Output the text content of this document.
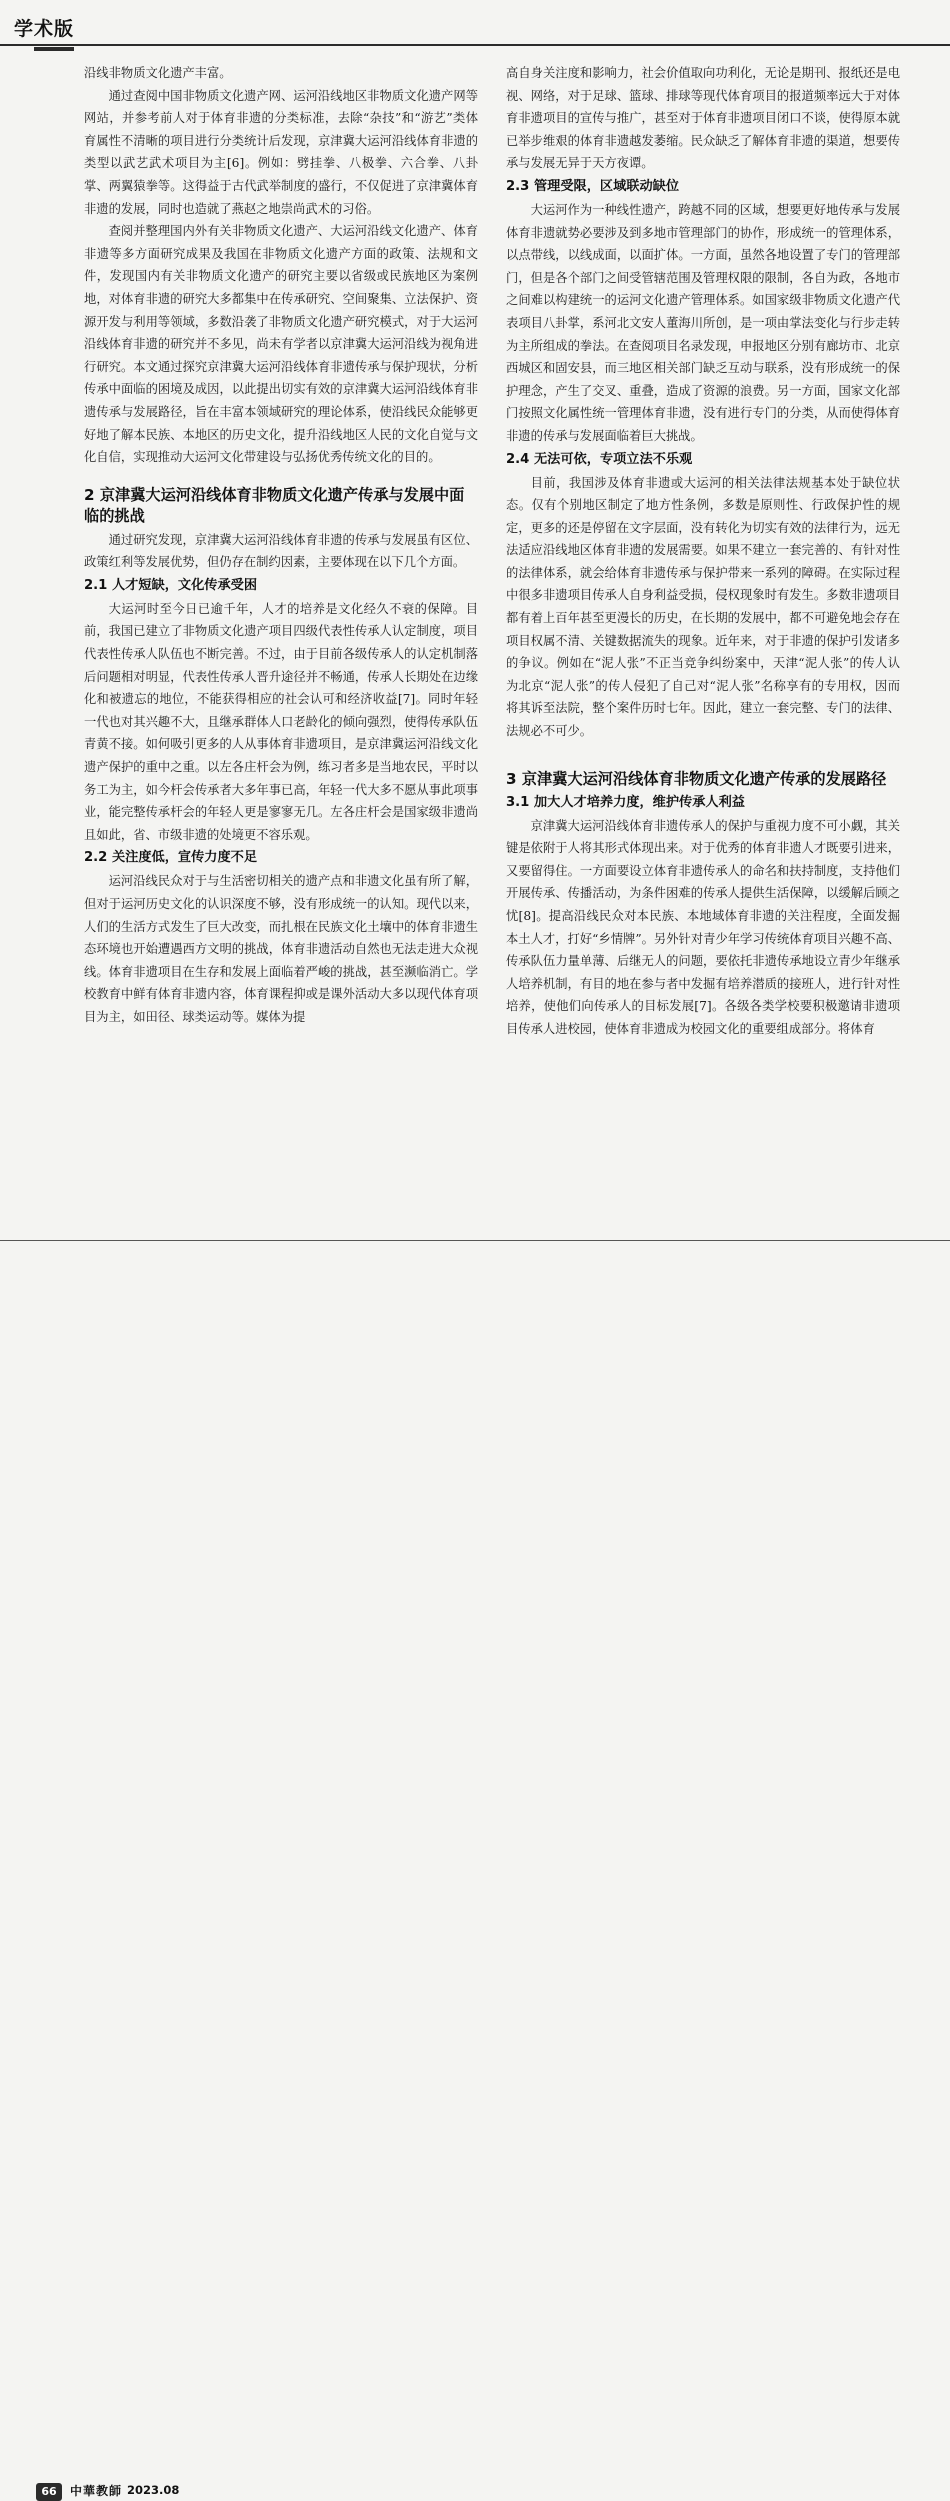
学术版

沿线非物质文化遗产丰富。

通过查阅中国非物质文化遗产网、运河沿线地区非物质文化遗产网等网站，并参考前人对于体育非遗的分类标准，去除“杂技”和“游艺”类体育属性不清晰的项目进行分类统计后发现，京津冀大运河沿线体育非遗的类型以武艺武术项目为主[6]。例如：劈挂拳、八极拳、六合拳、八卦掌、两翼猿拳等。这得益于古代武举制度的盛行，不仅促进了京津冀体育非遗的发展，同时也造就了燕赵之地崇尚武术的习俗。

查阅并整理国内外有关非物质文化遗产、大运河沿线文化遗产、体育非遗等多方面研究成果及我国在非物质文化遗产方面的政策、法规和文件，发现国内有关非物质文化遗产的研究主要以省级或民族地区为案例地，对体育非遗的研究大多都集中在传承研究、空间聚集、立法保护、资源开发与利用等领域，多数沿袭了非物质文化遗产研究模式，对于大运河沿线体育非遗的研究并不多见，尚未有学者以京津冀大运河沿线为视角进行研究。本文通过探究京津冀大运河沿线体育非遗传承与保护现状，分析传承中面临的困境及成因，以此提出切实有效的京津冀大运河沿线体育非遗传承与发展路径，旨在丰富本领域研究的理论体系，使沿线民众能够更好地了解本民族、本地区的历史文化，提升沿线地区人民的文化自觉与文化自信，实现推动大运河文化带建设与弘扬优秀传统文化的目的。

2 京津冀大运河沿线体育非物质文化遗产传承与发展中面临的挑战

通过研究发现，京津冀大运河沿线体育非遗的传承与发展虽有区位、政策红利等发展优势，但仍存在制约因素，主要体现在以下几个方面。

2.1 人才短缺，文化传承受困

大运河时至今日已逾千年，人才的培养是文化经久不衰的保障。目前，我国已建立了非物质文化遗产项目四级代表性传承人认定制度，项目代表性传承人队伍也不断完善。不过，由于目前各级传承人的认定机制落后问题相对明显，代表性传承人晋升途径并不畅通，传承人长期处在边缘化和被遗忘的地位，不能获得相应的社会认可和经济收益[7]。同时年轻一代也对其兴趣不大，且继承群体人口老龄化的倾向强烈，使得传承队伍青黄不接。如何吸引更多的人从事体育非遗项目，是京津冀运河沿线文化遗产保护的重中之重。以左各庄杆会为例，练习者多是当地农民，平时以务工为主，如今杆会传承者大多年事已高，年轻一代大多不愿从事此项事业，能完整传承杆会的年轻人更是寥寥无几。左各庄杆会是国家级非遗尚且如此，省、市级非遗的处境更不容乐观。

2.2 关注度低，宣传力度不足

运河沿线民众对于与生活密切相关的遗产点和非遗文化虽有所了解，但对于运河历史文化的认识深度不够，没有形成统一的认知。现代以来，人们的生活方式发生了巨大改变，而扎根在民族文化土壤中的体育非遗生态环境也开始遭遇西方文明的挑战，体育非遗活动自然也无法走进大众视线。体育非遗项目在生存和发展上面临着严峻的挑战，甚至濒临消亡。学校教育中鲜有体育非遗内容，体育课程抑或是课外活动大多以现代体育项目为主，如田径、球类运动等。媒体为提

高自身关注度和影响力，社会价值取向功利化，无论是期刊、报纸还是电视、网络，对于足球、篮球、排球等现代体育项目的报道频率远大于对体育非遗项目的宣传与推广，甚至对于体育非遗项目闭口不谈，使得原本就已举步维艰的体育非遗越发萎缩。民众缺乏了解体育非遗的渠道，想要传承与发展无异于天方夜谭。

2.3 管理受限，区域联动缺位

大运河作为一种线性遗产，跨越不同的区域，想要更好地传承与发展体育非遗就势必要涉及到多地市管理部门的协作，形成统一的管理体系，以点带线，以线成面，以面扩体。一方面，虽然各地设置了专门的管理部门，但是各个部门之间受管辖范围及管理权限的限制，各自为政，各地市之间难以构建统一的运河文化遗产管理体系。如国家级非物质文化遗产代表项目八卦掌，系河北文安人董海川所创，是一项由掌法变化与行步走转为主所组成的拳法。在查阅项目名录发现，申报地区分别有廊坊市、北京西城区和固安县，而三地区相关部门缺乏互动与联系，没有形成统一的保护理念，产生了交叉、重叠，造成了资源的浪费。另一方面，国家文化部门按照文化属性统一管理体育非遗，没有进行专门的分类，从而使得体育非遗的传承与发展面临着巨大挑战。

2.4 无法可依，专项立法不乐观

目前，我国涉及体育非遗或大运河的相关法律法规基本处于缺位状态。仅有个别地区制定了地方性条例，多数是原则性、行政保护性的规定，更多的还是停留在文字层面，没有转化为切实有效的法律行为，远无法适应沿线地区体育非遗的发展需要。如果不建立一套完善的、有针对性的法律体系，就会给体育非遗传承与保护带来一系列的障碍。在实际过程中很多非遗项目传承人自身利益受损，侵权现象时有发生。多数非遗项目都有着上百年甚至更漫长的历史，在长期的发展中，都不可避免地会存在项目权属不清、关键数据流失的现象。近年来，对于非遗的保护引发诸多的争议。例如在“泥人张”不正当竞争纠纷案中，天津“泥人张”的传人认为北京“泥人张”的传人侵犯了自己对“泥人张”名称享有的专用权，因而将其诉至法院，整个案件历时七年。因此，建立一套完整、专门的法律、法规必不可少。

3 京津冀大运河沿线体育非物质文化遗产传承的发展路径
3.1 加大人才培养力度，维护传承人利益

京津冀大运河沿线体育非遗传承人的保护与重视力度不可小觑，其关键是依附于人将其形式体现出来。对于优秀的体育非遗人才既要引进来，又要留得住。一方面要设立体育非遗传承人的命名和扶持制度，支持他们开展传承、传播活动，为条件困难的传承人提供生活保障，以缓解后顾之忧[8]。提高沿线民众对本民族、本地域体育非遗的关注程度，全面发掘本土人才，打好“乡情牌”。另外针对青少年学习传统体育项目兴趣不高、传承队伍力量单薄、后继无人的问题，要依托非遗传承地设立青少年继承人培养机制，有目的地在参与者中发掘有培养潜质的接班人，进行针对性培养，使他们向传承人的目标发展[7]。各级各类学校要积极邀请非遗项目传承人进校园，使体育非遗成为校园文化的重要组成部分。将体育

66	中華教師 2023.08
